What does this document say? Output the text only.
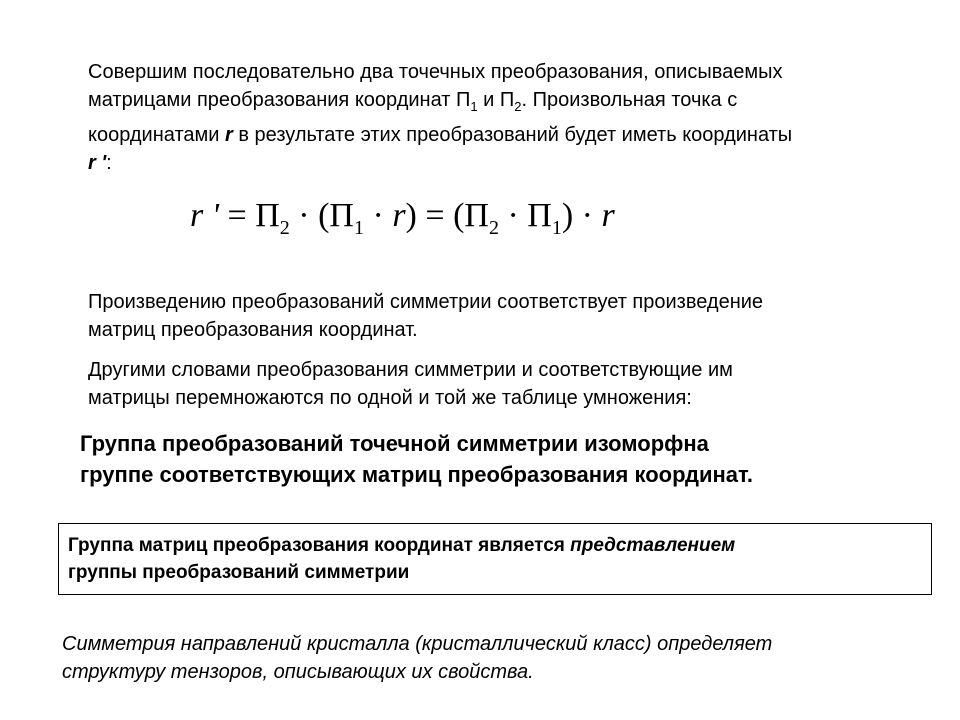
Совершим последовательно два точечных преобразования, описываемых
матрицами преобразования координат $П_1$ и $П_2$. Произвольная точка с
координатами r в результате этих преобразований будет иметь координаты
r ':
r ' = $\Pi_2 \cdot (\Pi_1 \cdot r) = (\Pi_2 \cdot \Pi_1) \cdot r$
Произведению преобразований симметрии соответствует произведение
матриц преобразования координат.
Другими словами преобразования симметрии и соответствующие им
матрицы перемножаются по одной и той же таблице умножения:
Группа преобразований точечной симметрии изоморфна
группе соответствующих матриц преобразования координат.
Группа матриц преобразования координат является представлением
группы преобразований симметрии
Симметрия направлений кристалла (кристаллический класс) определяет
структуру тензоров, описывающих их свойства.
